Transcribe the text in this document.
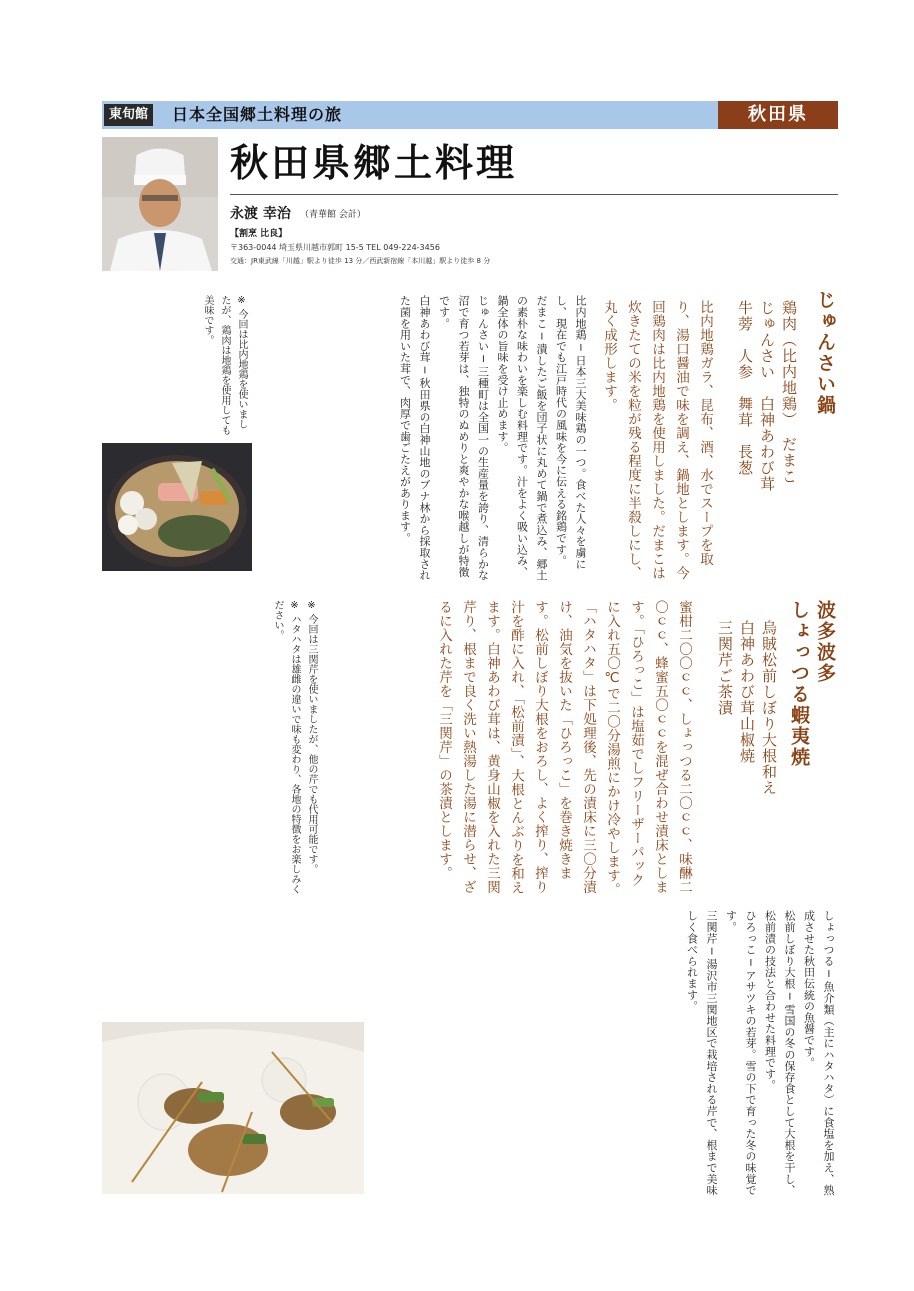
東旬館	日本全国郷土料理の旅	秋田県
秋田県郷土料理
永渡 幸治 （青華館 会計）
【割烹 比良】
〒363-0044 埼玉県川越市郭町 15-5 TEL 049-224-3456
交通：JR東武線「川越」駅より徒歩 13 分／西武新宿線「本川越」駅より徒歩 8 分
じゅんさい鍋
鶏肉（比内地鶏）　だまこ
じゅんさい　白神あわび茸
牛蒡　人参　舞茸　長葱
比内地鶏ガラ、昆布、酒、水でスープを取り、湯口醤油で味を調え、鍋地とします。今回鶏肉は比内地鶏を使用しました。だまこは炊きたての米を粒が残る程度に半殺しにし、丸く成形します。
比内地鶏 ─ 日本三大美味鶏の一つ。食べた人々を虜にし、現在でも江戸時代の風味を今に伝える銘鶏です。
だまこ ─ 潰したご飯を団子状に丸めて鍋で煮込み、郷土の素朴な味わいを楽しむ料理です。汁をよく吸い込み、鍋全体の旨味を受け止めます。
じゅんさい ─ 三種町は全国一の生産量を誇り、清らかな沼で育つ若芽は、独特のぬめりと爽やかな喉越しが特徴です。
白神あわび茸 ─ 秋田県の白神山地のブナ林から採取された菌を用いた茸で、肉厚で歯ごたえがあります。
※ 今回は比内地鶏を使いましたが、鶏肉は地鶏を使用しても美味です。
波多波多
しょっつる蝦夷焼
烏賊松前しぼり大根和え
白神あわび茸山椒焼
三関芹ご茶漬
蜜柑二〇〇ｃｃ、しょっつる二〇ｃｃ、味醂二〇ｃｃ、蜂蜜五〇ｃｃを混ぜ合わせ漬床とします。「ひろっこ」は塩茹でしフリーザーパックに入れ五〇℃で二〇分湯煎にかけ冷やします。「ハタハタ」は下処理後、先の漬床に三〇分漬け、油気を抜いた「ひろっこ」を巻き焼きます。松前しぼり大根をおろし、よく搾り、搾り汁を酢に入れ、「松前漬」、大根とんぶりを和えます。白神あわび茸は、黄身山椒を入れた三関芹り、根まで良く洗い熱湯した湯に潜らせ、ざるに入れた芹を「三関芹」の茶漬とします。
※ 今回は三関芹を使いましたが、他の芹でも代用可能です。
※ ハタハタは雄雌の違いで味も変わり、各地の特徴をお楽しみください。
しょっつる ─ 魚介類（主にハタハタ）に食塩を加え、熟成させた秋田伝統の魚醤です。
松前しぼり大根 ─ 雪国の冬の保存食として大根を干し、松前漬の技法と合わせた料理です。
ひろっこ ─ アサツキの若芽。雪の下で育った冬の味覚です。
三関芹 ─ 湯沢市三関地区で栽培される芹で、根まで美味しく食べられます。
